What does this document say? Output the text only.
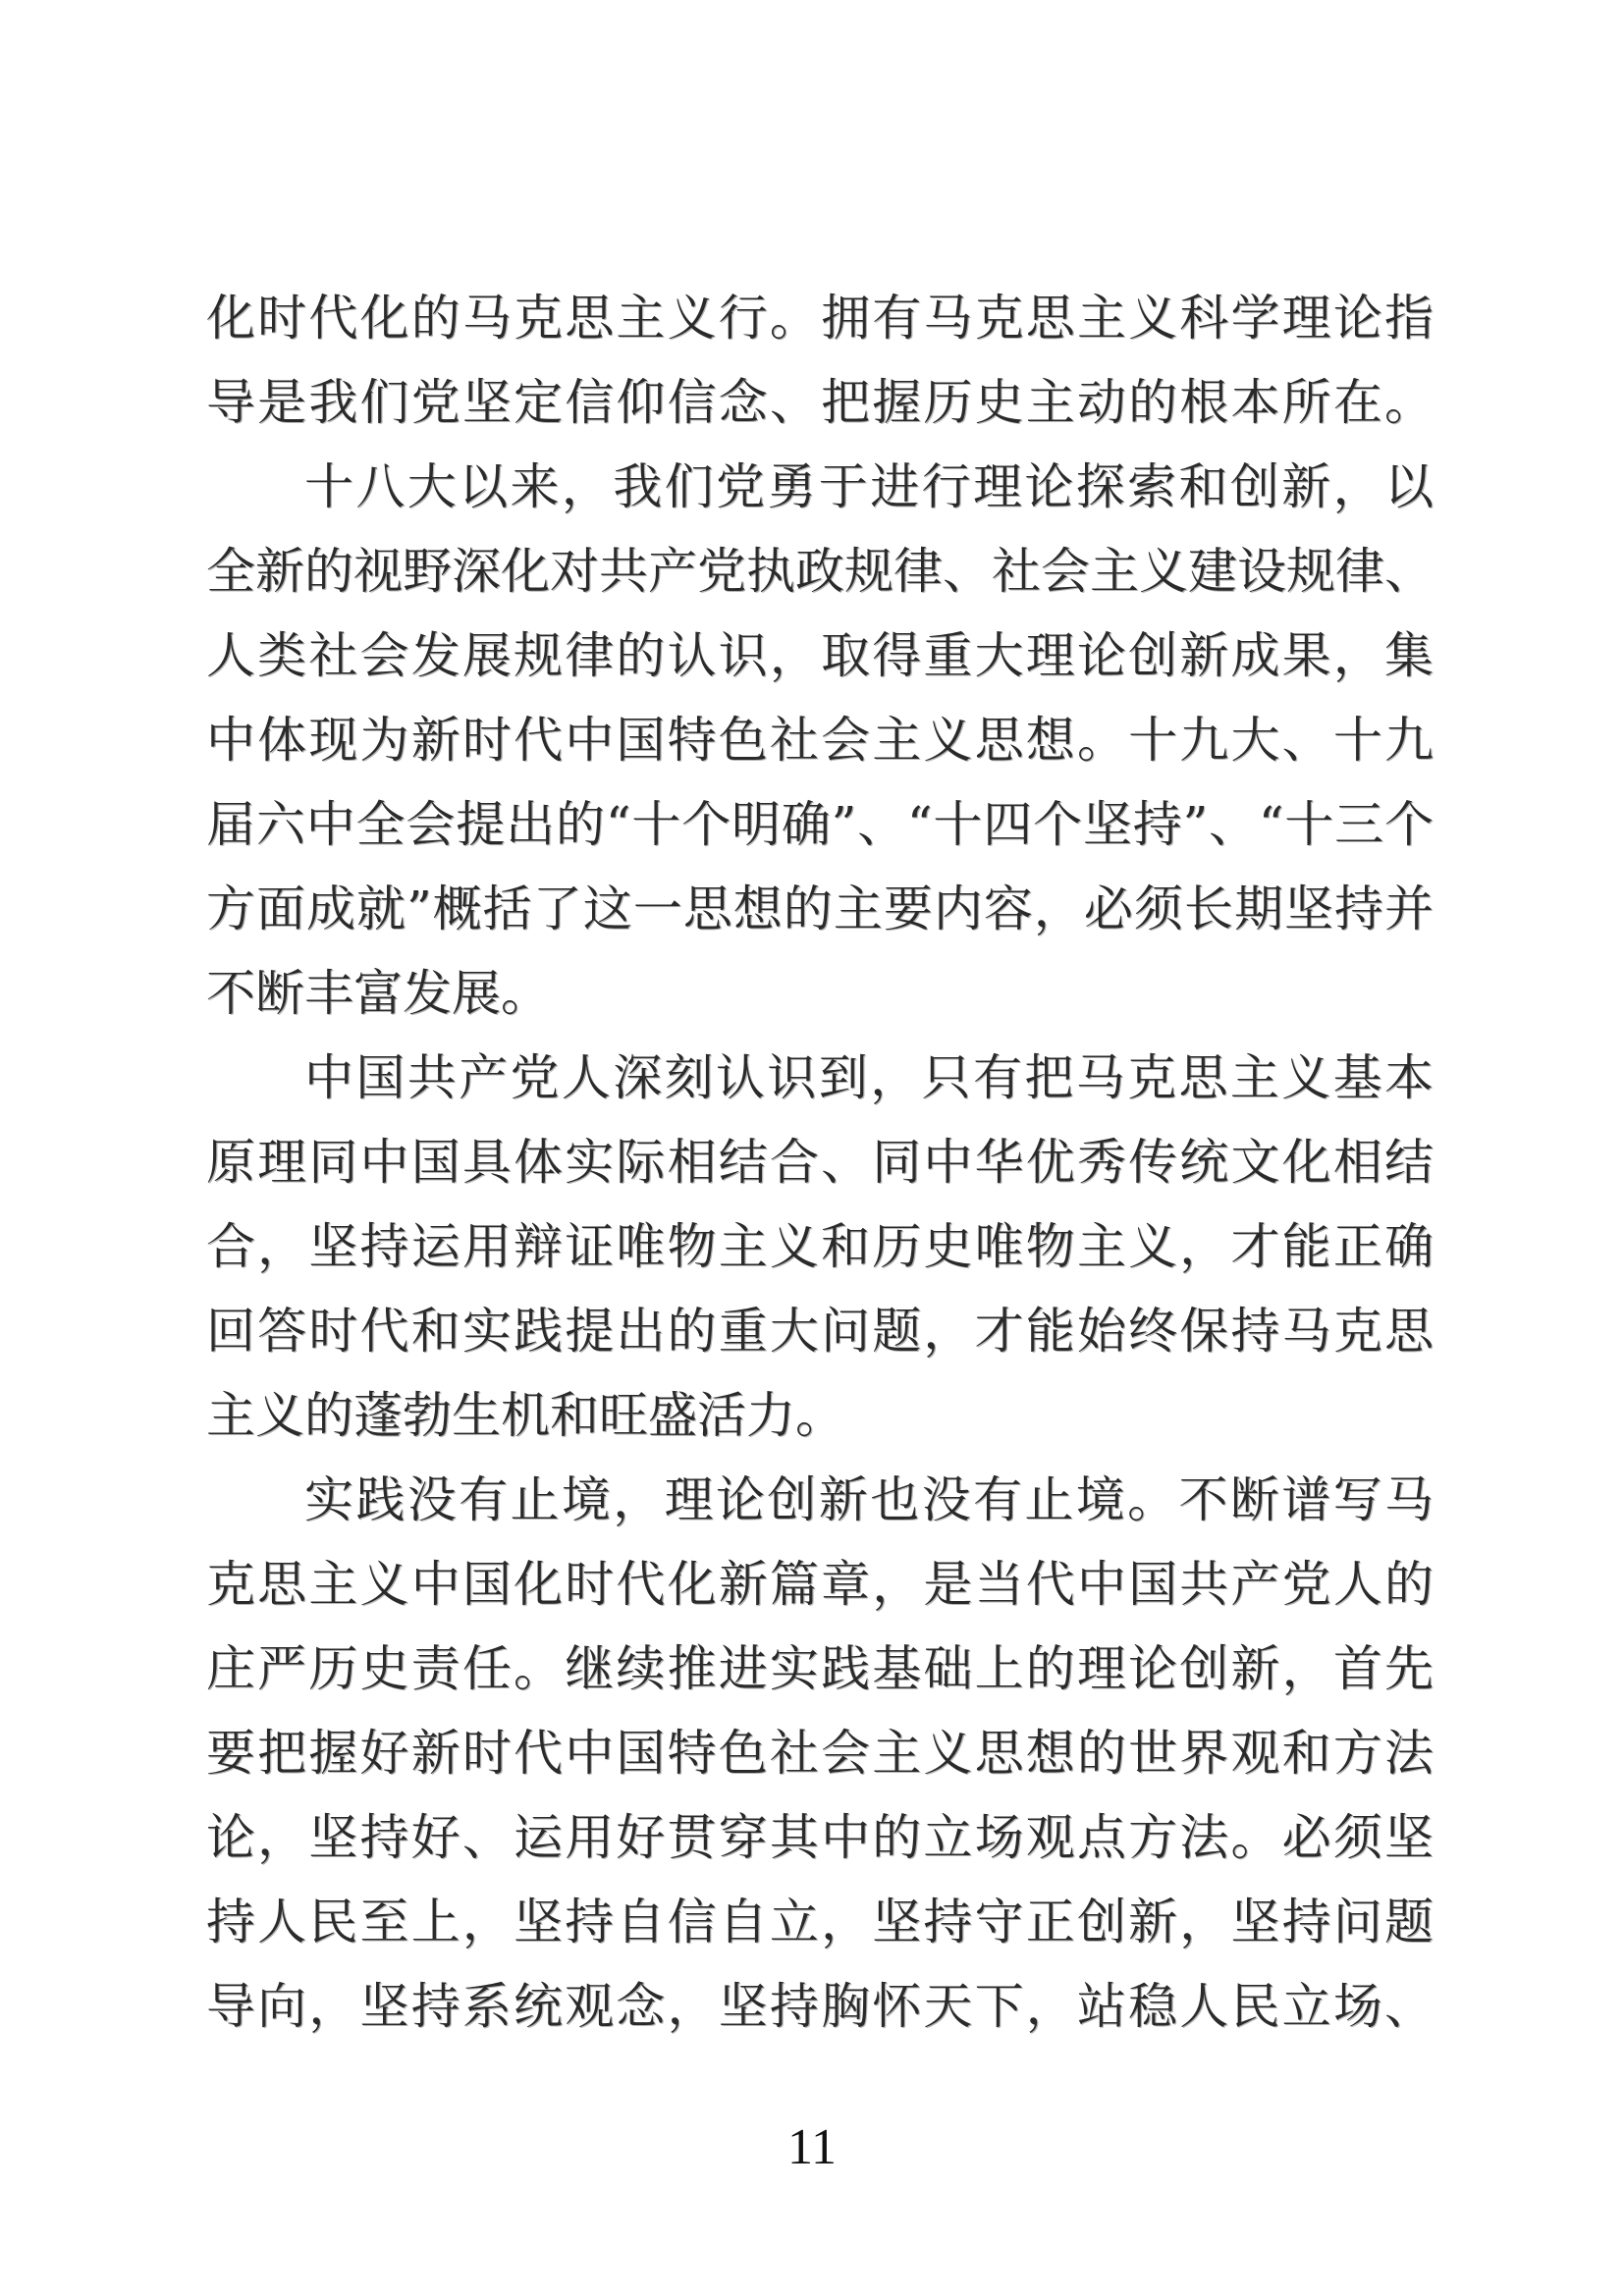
化时代化的马克思主义行。拥有马克思主义科学理论指
导是我们党坚定信仰信念、把握历史主动的根本所在。
十八大以来，我们党勇于进行理论探索和创新，以
全新的视野深化对共产党执政规律、社会主义建设规律、
人类社会发展规律的认识，取得重大理论创新成果，集
中体现为新时代中国特色社会主义思想。十九大、十九
届六中全会提出的“十个明确”、“十四个坚持”、“十三个
方面成就”概括了这一思想的主要内容，必须长期坚持并
不断丰富发展。
中国共产党人深刻认识到，只有把马克思主义基本
原理同中国具体实际相结合、同中华优秀传统文化相结
合，坚持运用辩证唯物主义和历史唯物主义，才能正确
回答时代和实践提出的重大问题，才能始终保持马克思
主义的蓬勃生机和旺盛活力。
实践没有止境，理论创新也没有止境。不断谱写马
克思主义中国化时代化新篇章，是当代中国共产党人的
庄严历史责任。继续推进实践基础上的理论创新，首先
要把握好新时代中国特色社会主义思想的世界观和方法
论，坚持好、运用好贯穿其中的立场观点方法。必须坚
持人民至上，坚持自信自立，坚持守正创新，坚持问题
导向，坚持系统观念，坚持胸怀天下，站稳人民立场、
11
